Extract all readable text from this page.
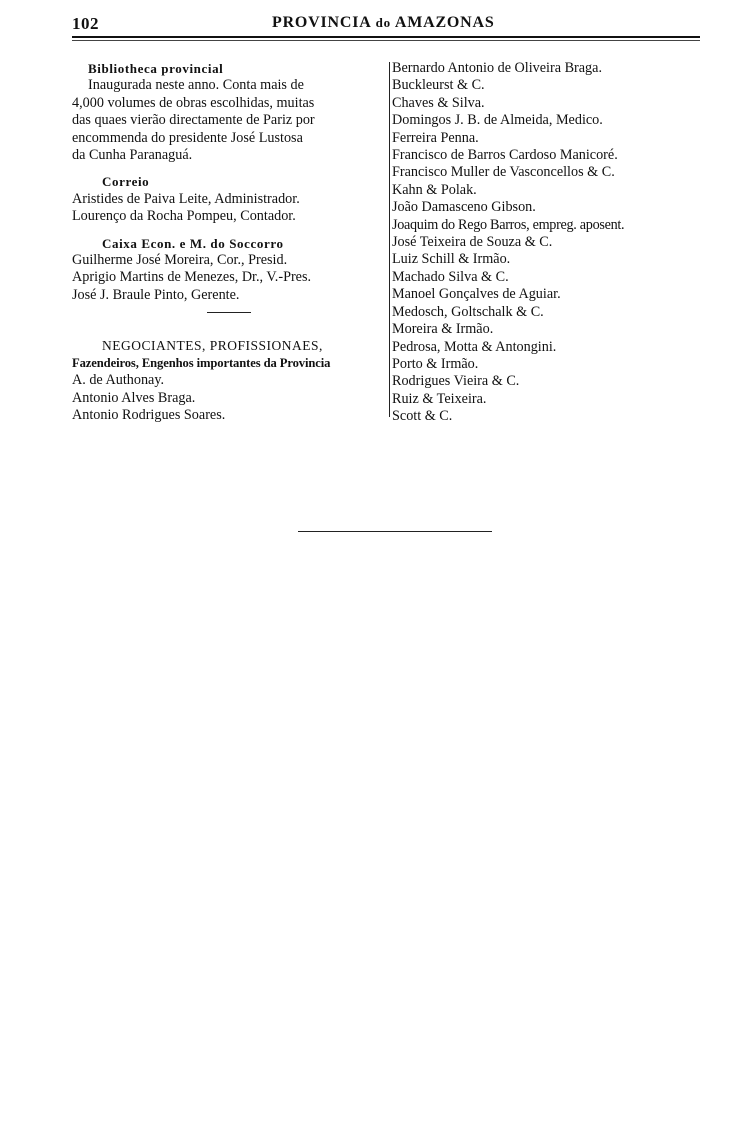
102	PROVINCIA do AMAZONAS
Bibliotheca provincial
Inaugurada neste anno. Conta mais de
4,000 volumes de obras escolhidas, muitas
das quaes vierão directamente de Pariz por
encommenda do presidente José Lustosa
da Cunha Paranaguá.
Correio
Aristides de Paiva Leite, Administrador.
Lourenço da Rocha Pompeu, Contador.
Caixa Econ. e M. do Soccorro
Guilherme José Moreira, Cor., Presid.
Aprigio Martins de Menezes, Dr., V.-Pres.
José J. Braule Pinto, Gerente.
NEGOCIANTES, PROFISSIONAES,
Fazendeiros, Engenhos importantes da Provincia
A. de Authonay.
Antonio Alves Braga.
Antonio Rodrigues Soares.
Bernardo Antonio de Oliveira Braga.
Buckleurst & C.
Chaves & Silva.
Domingos J. B. de Almeida, Medico.
Ferreira Penna.
Francisco de Barros Cardoso Manicoré.
Francisco Muller de Vasconcellos & C.
Kahn & Polak.
João Damasceno Gibson.
Joaquim do Rego Barros, empreg. aposent.
José Teixeira de Souza & C.
Luiz Schill & Irmão.
Machado Silva & C.
Manoel Gonçalves de Aguiar.
Medosch, Goltschalk & C.
Moreira & Irmão.
Pedrosa, Motta & Antongini.
Porto & Irmão.
Rodrigues Vieira & C.
Ruiz & Teixeira.
Scott & C.
